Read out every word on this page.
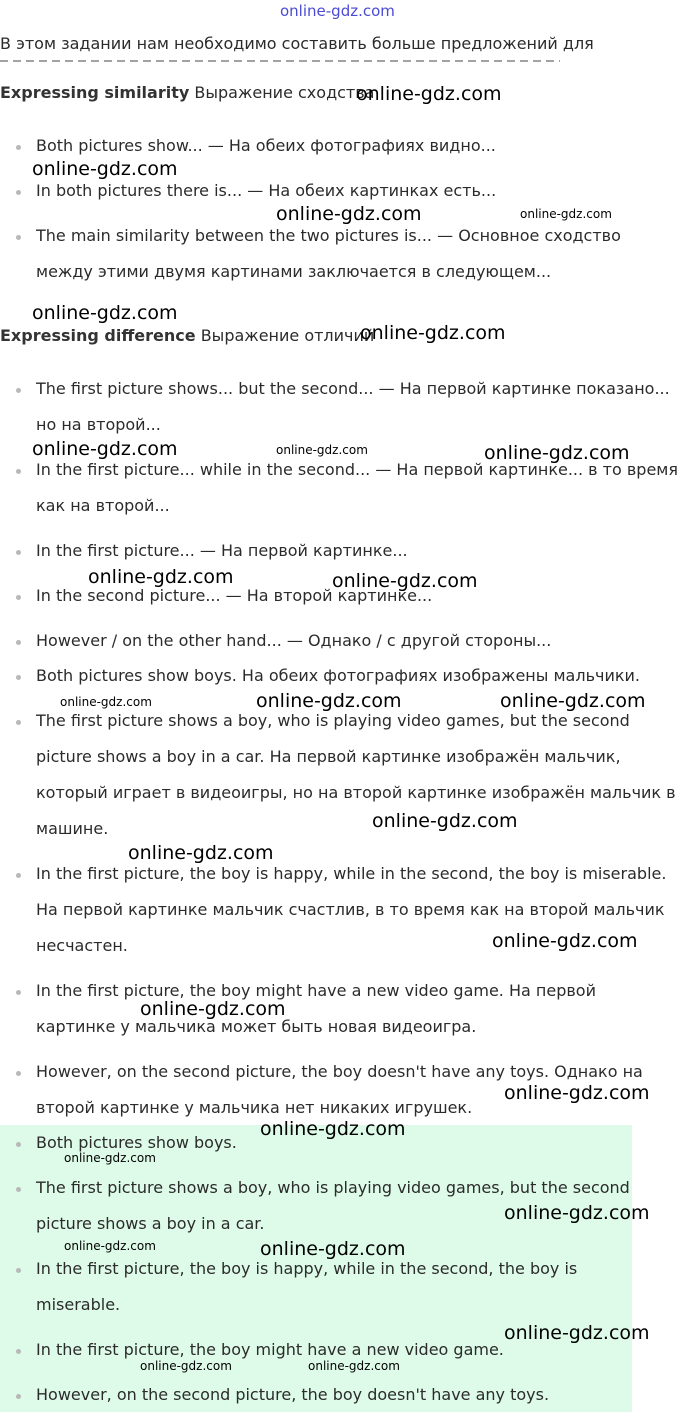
online-gdz.com
В этом задании нам необходимо составить больше предложений для
Expressing similarity Выражение сходства

Both pictures show... — На обеих фотографиях видно...

In both pictures there is... — На обеих картинках есть...

The main similarity between the two pictures is... — Основное сходство между этими двумя картинами заключается в следующем...

Expressing difference Выражение отличий

The first picture shows... but the second... — На первой картинке показано... но на второй...

In the first picture... while in the second... — На первой картинке... в то время как на второй...

In the first picture... — На первой картинке...

In the second picture... — На второй картинке...

However / on the other hand... — Однако / с другой стороны...

Both pictures show boys. На обеих фотографиях изображены мальчики.

The first picture shows a boy, who is playing video games, but the second picture shows a boy in a car. На первой картинке изображён мальчик, который играет в видеоигры, но на второй картинке изображён мальчик в машине.

In the first picture, the boy is happy, while in the second, the boy is miserable. На первой картинке мальчик счастлив, в то время как на второй мальчик несчастен.

In the first picture, the boy might have a new video game. На первой картинке у мальчика может быть новая видеоигра.

However, on the second picture, the boy doesn't have any toys. Однако на второй картинке у мальчика нет никаких игрушек.

Both pictures show boys.

The first picture shows a boy, who is playing video games, but the second picture shows a boy in a car.

In the first picture, the boy is happy, while in the second, the boy is miserable.

In the first picture, the boy might have a new video game.

However, on the second picture, the boy doesn't have any toys.

online-gdz.com
online-gdz.com
online-gdz.com	online-gdz.com
online-gdz.com
online-gdz.com
online-gdz.com	online-gdz.com	online-gdz.com
online-gdz.com	online-gdz.com
online-gdz.com	online-gdz.com	online-gdz.com
online-gdz.com
online-gdz.com
online-gdz.com
online-gdz.com
online-gdz.com
online-gdz.com
online-gdz.com
online-gdz.com
online-gdz.com	online-gdz.com
online-gdz.com
online-gdz.com	online-gdz.com
